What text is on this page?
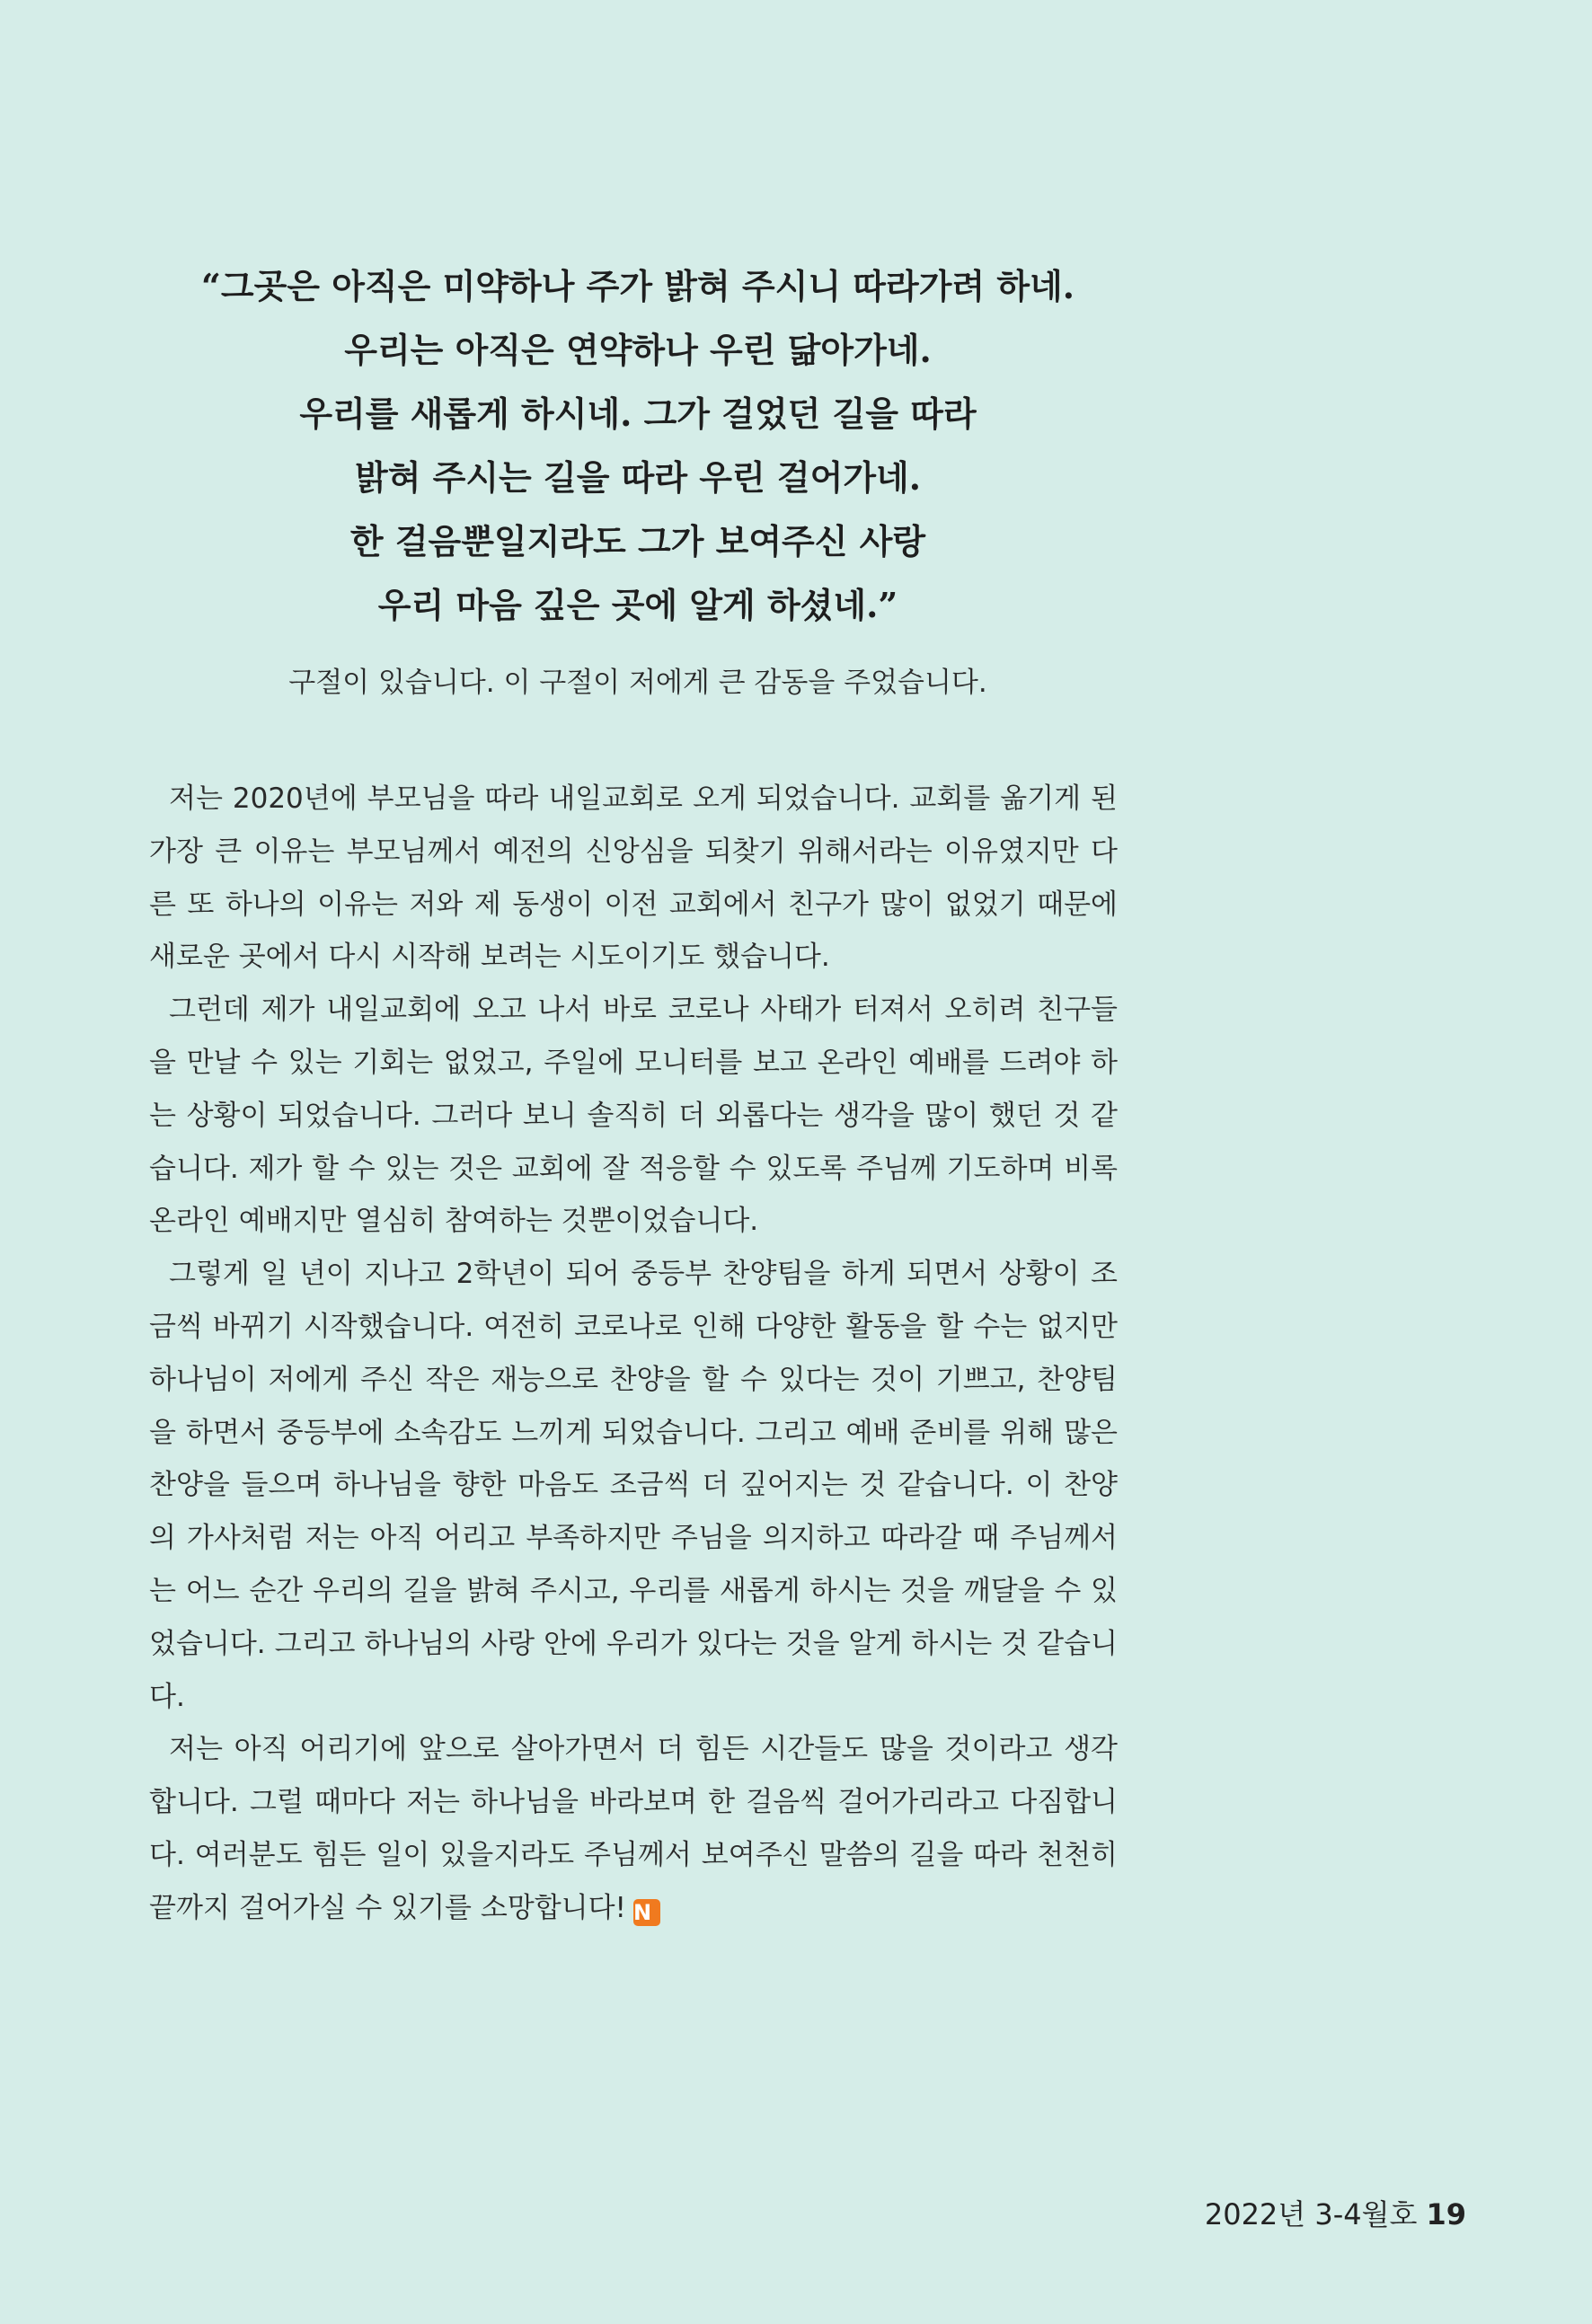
“그곳은 아직은 미약하나 주가 밝혀 주시니 따라가려 하네.
우리는 아직은 연약하나 우린 닮아가네.
우리를 새롭게 하시네. 그가 걸었던 길을 따라
밝혀 주시는 길을 따라 우린 걸어가네.
한 걸음뿐일지라도 그가 보여주신 사랑
우리 마음 깊은 곳에 알게 하셨네.”
구절이 있습니다. 이 구절이 저에게 큰 감동을 주었습니다.
저는 2020년에 부모님을 따라 내일교회로 오게 되었습니다. 교회를 옮기게 된
가장 큰 이유는 부모님께서 예전의 신앙심을 되찾기 위해서라는 이유였지만 다
른 또 하나의 이유는 저와 제 동생이 이전 교회에서 친구가 많이 없었기 때문에
새로운 곳에서 다시 시작해 보려는 시도이기도 했습니다.
그런데 제가 내일교회에 오고 나서 바로 코로나 사태가 터져서 오히려 친구들
을 만날 수 있는 기회는 없었고, 주일에 모니터를 보고 온라인 예배를 드려야 하
는 상황이 되었습니다. 그러다 보니 솔직히 더 외롭다는 생각을 많이 했던 것 같
습니다. 제가 할 수 있는 것은 교회에 잘 적응할 수 있도록 주님께 기도하며 비록
온라인 예배지만 열심히 참여하는 것뿐이었습니다.
그렇게 일 년이 지나고 2학년이 되어 중등부 찬양팀을 하게 되면서 상황이 조
금씩 바뀌기 시작했습니다. 여전히 코로나로 인해 다양한 활동을 할 수는 없지만
하나님이 저에게 주신 작은 재능으로 찬양을 할 수 있다는 것이 기쁘고, 찬양팀
을 하면서 중등부에 소속감도 느끼게 되었습니다. 그리고 예배 준비를 위해 많은
찬양을 들으며 하나님을 향한 마음도 조금씩 더 깊어지는 것 같습니다. 이 찬양
의 가사처럼 저는 아직 어리고 부족하지만 주님을 의지하고 따라갈 때 주님께서
는 어느 순간 우리의 길을 밝혀 주시고, 우리를 새롭게 하시는 것을 깨달을 수 있
었습니다. 그리고 하나님의 사랑 안에 우리가 있다는 것을 알게 하시는 것 같습니
다.
저는 아직 어리기에 앞으로 살아가면서 더 힘든 시간들도 많을 것이라고 생각
합니다. 그럴 때마다 저는 하나님을 바라보며 한 걸음씩 걸어가리라고 다짐합니
다. 여러분도 힘든 일이 있을지라도 주님께서 보여주신 말씀의 길을 따라 천천히
끝까지 걸어가실 수 있기를 소망합니다! N
2022년 3-4월호 19
